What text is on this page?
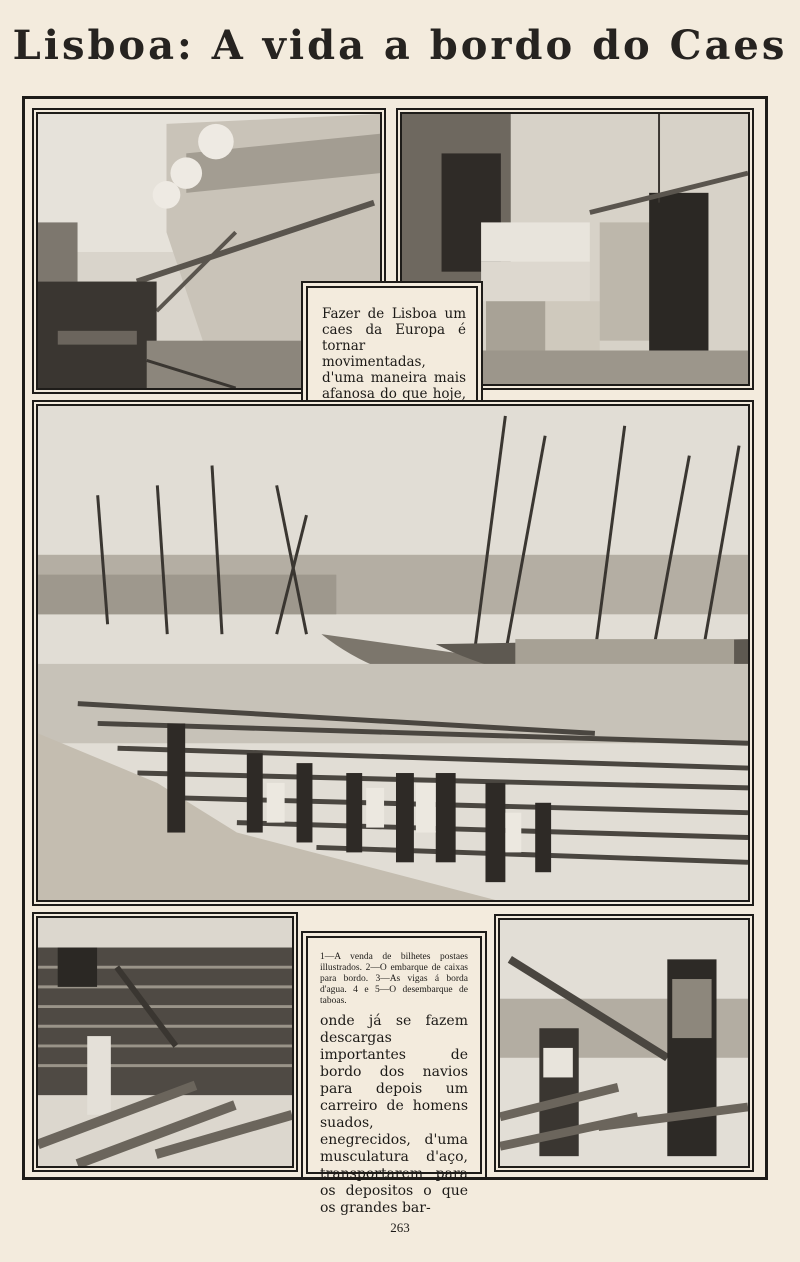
Lisboa: A vida a bordo do Caes
Fazer de Lisboa um caes da Europa é tornar movimentadas, d'uma maneira mais afanosa do que hoje,
1—A venda de bilhetes postaes illustrados. 2—O embarque de caixas para bordo. 3—As vigas á borda d'agua. 4 e 5—O desembarque de taboas.
onde já se fazem descargas importantes de bordo dos navios para depois um carreiro de homens suados, enegrecidos, d'uma musculatura d'aço, transportarem para os depositos o que os grandes bar-
263
